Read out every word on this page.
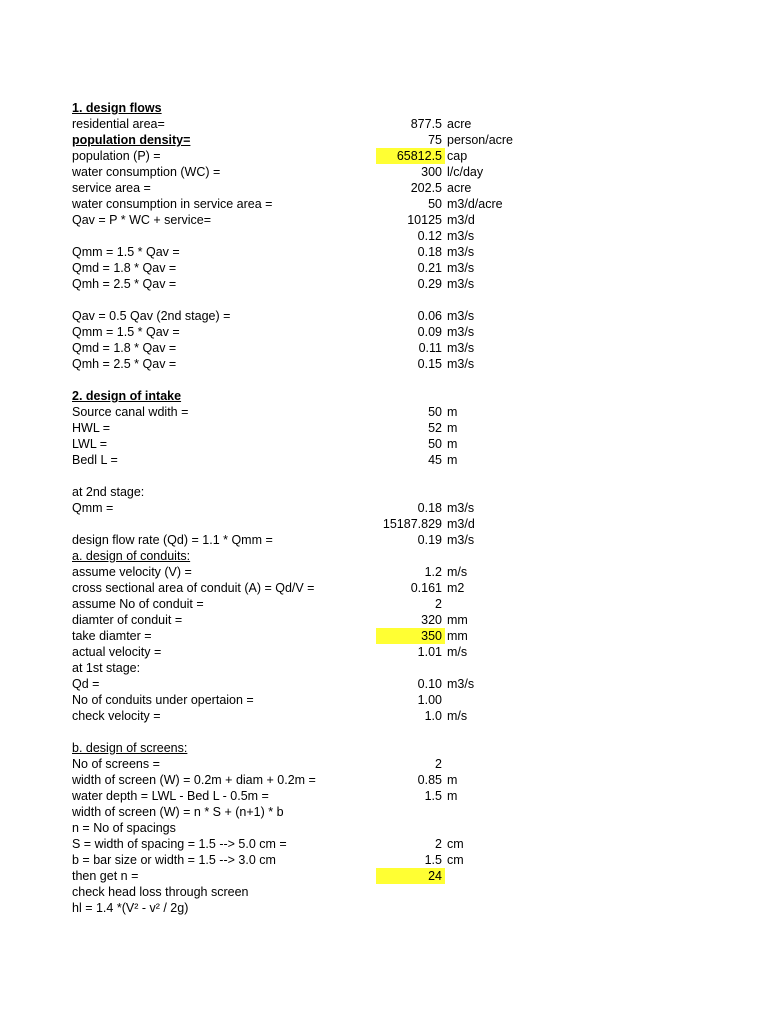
1. design flows
residential area=	877.5 acre
population density=	75 person/acre
population (P) =	65812.5 cap
water consumption (WC) =	300 l/c/day
service area =	202.5 acre
water consumption in service area =	50 m3/d/acre
Qav = P * WC + service=	10125 m3/d
0.12 m3/s
Qmm = 1.5 * Qav =	0.18 m3/s
Qmd = 1.8 * Qav =	0.21 m3/s
Qmh = 2.5 * Qav =	0.29 m3/s
Qav = 0.5 Qav (2nd stage) =	0.06 m3/s
Qmm = 1.5 * Qav =	0.09 m3/s
Qmd = 1.8 * Qav =	0.11 m3/s
Qmh = 2.5 * Qav =	0.15 m3/s
2. design of intake
Source canal wdith =	50 m
HWL =	52 m
LWL =	50 m
Bedl L =	45 m
at 2nd stage:
Qmm =	0.18 m3/s
15187.829 m3/d
design flow rate (Qd) = 1.1 * Qmm =	0.19 m3/s
a. design of conduits:
assume velocity (V) =	1.2 m/s
cross sectional area of conduit (A) = Qd/V =	0.161 m2
assume No of conduit =	2
diamter of conduit =	320 mm
take diamter =	350 mm
actual velocity =	1.01 m/s
at 1st stage:
Qd =	0.10 m3/s
No of conduits under opertaion =	1.00
check velocity =	1.0 m/s
b. design of screens:
No of screens =	2
width of screen (W) = 0.2m + diam + 0.2m =	0.85 m
water depth = LWL - Bed L - 0.5m =	1.5 m
width of screen (W) = n * S + (n+1) * b
n = No of spacings
S = width of spacing = 1.5 --> 5.0 cm =	2 cm
b = bar size or width = 1.5 --> 3.0 cm	1.5 cm
then get n =	24
check head loss through screen
hl = 1.4 *(V² - v² / 2g)
